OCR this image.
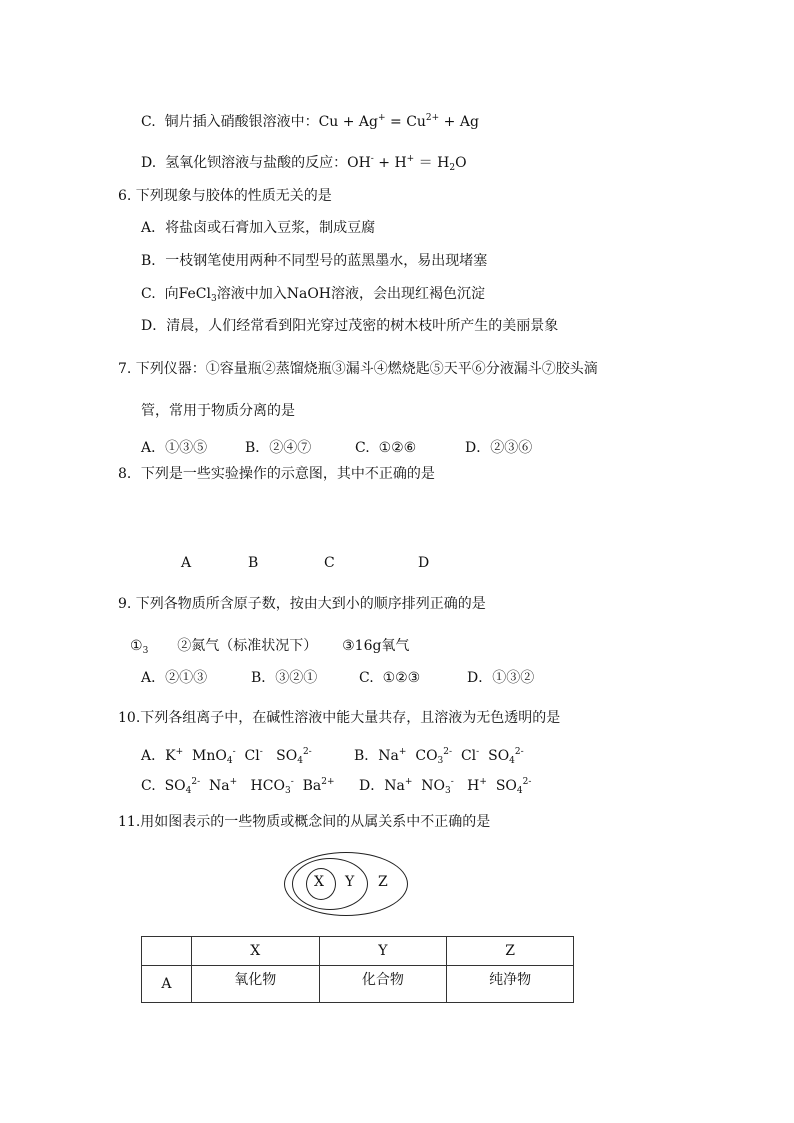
C. 铜片插入硝酸银溶液中：$Cu + Ag^+ = Cu^{2+} + Ag$
D. 氢氧化钡溶液与盐酸的反应：$OH^- + H^+ = H_2O$
6. 下列现象与胶体的性质无关的是
A．将盐卤或石膏加入豆浆，制成豆腐
B．一枝钢笔使用两种不同型号的蓝黑墨水，易出现堵塞
C.  向FeCl$_3$溶液中加入NaOH溶液，会出现红褐色沉淀
D．清晨，人们经常看到阳光穿过茂密的树木枝叶所产生的美丽景象
7. 下列仪器：①容量瓶②蒸馏烧瓶③漏斗④燃烧匙⑤天平⑥分液漏斗⑦胶头滴
管，常用于物质分离的是
A．①③⑤	B．②④⑦	C.  ①②⑥	D．②③⑥
8．下列是一些实验操作的示意图，其中不正确的是
A	B	C	D
9. 下列各物质所含原子数，按由大到小的顺序排列正确的是
$①_3$ ②氮气（标准状况下） ③16g氧气
A．②①③	B．③②①	C.  ①②③	D．①③②
10.下列各组离子中，在碱性溶液中能大量共存，且溶液为无色透明的是
A．K+  MnO$_4$-  Cl-   $SO_4^{2-}$	B．Na+  $CO_3^{2-}$  Cl-  $SO_4^{2-}$
C.  $SO_4^{2-}$  Na+   $HCO_3^-$  $Ba^{2+}$ D．Na+  $NO_3^-$   H+  $SO_4^{2-}$
11.用如图表示的一些物质或概念间的从属关系中不正确的是
X Y Z
	X	Y	Z
A	氧化物	化合物	纯净物
